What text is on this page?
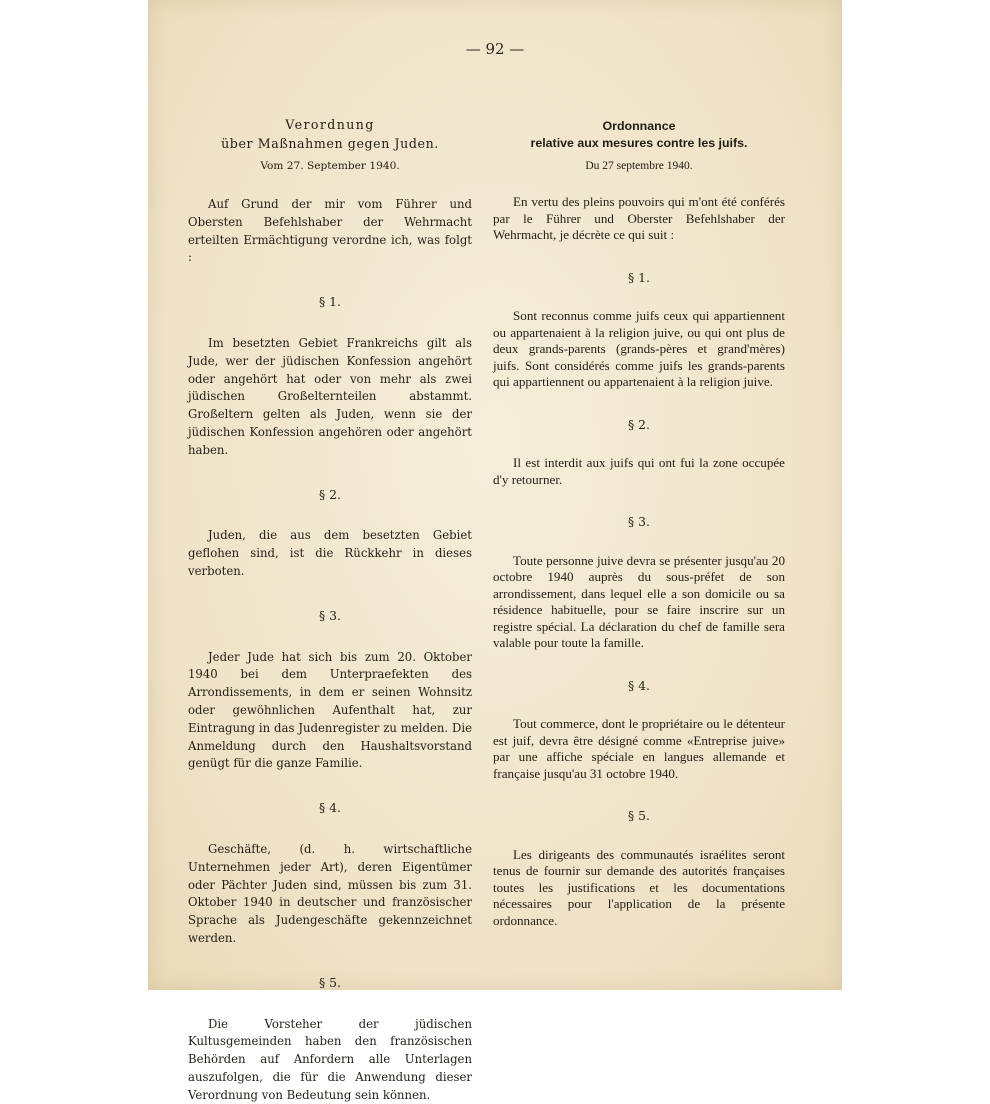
— 92 —
Verordnung
über Maßnahmen gegen Juden.
Vom 27. September 1940.

Auf Grund der mir vom Führer und Obersten Befehlshaber der Wehrmacht erteilten Ermächtigung verordne ich, was folgt :

§ 1.

Im besetzten Gebiet Frankreichs gilt als Jude, wer der jüdischen Konfession angehört oder angehört hat oder von mehr als zwei jüdischen Großelternteilen abstammt. Großeltern gelten als Juden, wenn sie der jüdischen Konfession angehören oder angehört haben.

§ 2.

Juden, die aus dem besetzten Gebiet geflohen sind, ist die Rückkehr in dieses verboten.

§ 3.

Jeder Jude hat sich bis zum 20. Oktober 1940 bei dem Unterpraefekten des Arrondissements, in dem er seinen Wohnsitz oder gewöhnlichen Aufenthalt hat, zur Eintragung in das Judenregister zu melden. Die Anmeldung durch den Haushaltsvorstand genügt für die ganze Familie.

§ 4.

Geschäfte, (d. h. wirtschaftliche Unternehmen jeder Art), deren Eigentümer oder Pächter Juden sind, müssen bis zum 31. Oktober 1940 in deutscher und französischer Sprache als Judengeschäfte gekennzeichnet werden.

§ 5.

Die Vorsteher der jüdischen Kultusgemeinden haben den französischen Behörden auf Anfordern alle Unterlagen auszufolgen, die für die Anwendung dieser Verordnung von Bedeutung sein können.

Ordonnance
relative aux mesures contre les juifs.
Du 27 septembre 1940.

En vertu des pleins pouvoirs qui m'ont été conférés par le Führer und Oberster Befehlshaber der Wehrmacht, je décrète ce qui suit :

§ 1.

Sont reconnus comme juifs ceux qui appartiennent ou appartenaient à la religion juive, ou qui ont plus de deux grands-parents (grands-pères et grand'mères) juifs. Sont considérés comme juifs les grands-parents qui appartiennent ou appartenaient à la religion juive.

§ 2.

Il est interdit aux juifs qui ont fui la zone occupée d'y retourner.

§ 3.

Toute personne juive devra se présenter jusqu'au 20 octobre 1940 auprès du sous-préfet de son arrondissement, dans lequel elle a son domicile ou sa résidence habituelle, pour se faire inscrire sur un registre spécial. La déclaration du chef de famille sera valable pour toute la famille.

§ 4.

Tout commerce, dont le propriétaire ou le détenteur est juif, devra être désigné comme «Entreprise juive» par une affiche spéciale en langues allemande et française jusqu'au 31 octobre 1940.

§ 5.

Les dirigeants des communautés israélites seront tenus de fournir sur demande des autorités françaises toutes les justifications et les documentations nécessaires pour l'application de la présente ordonnance.
